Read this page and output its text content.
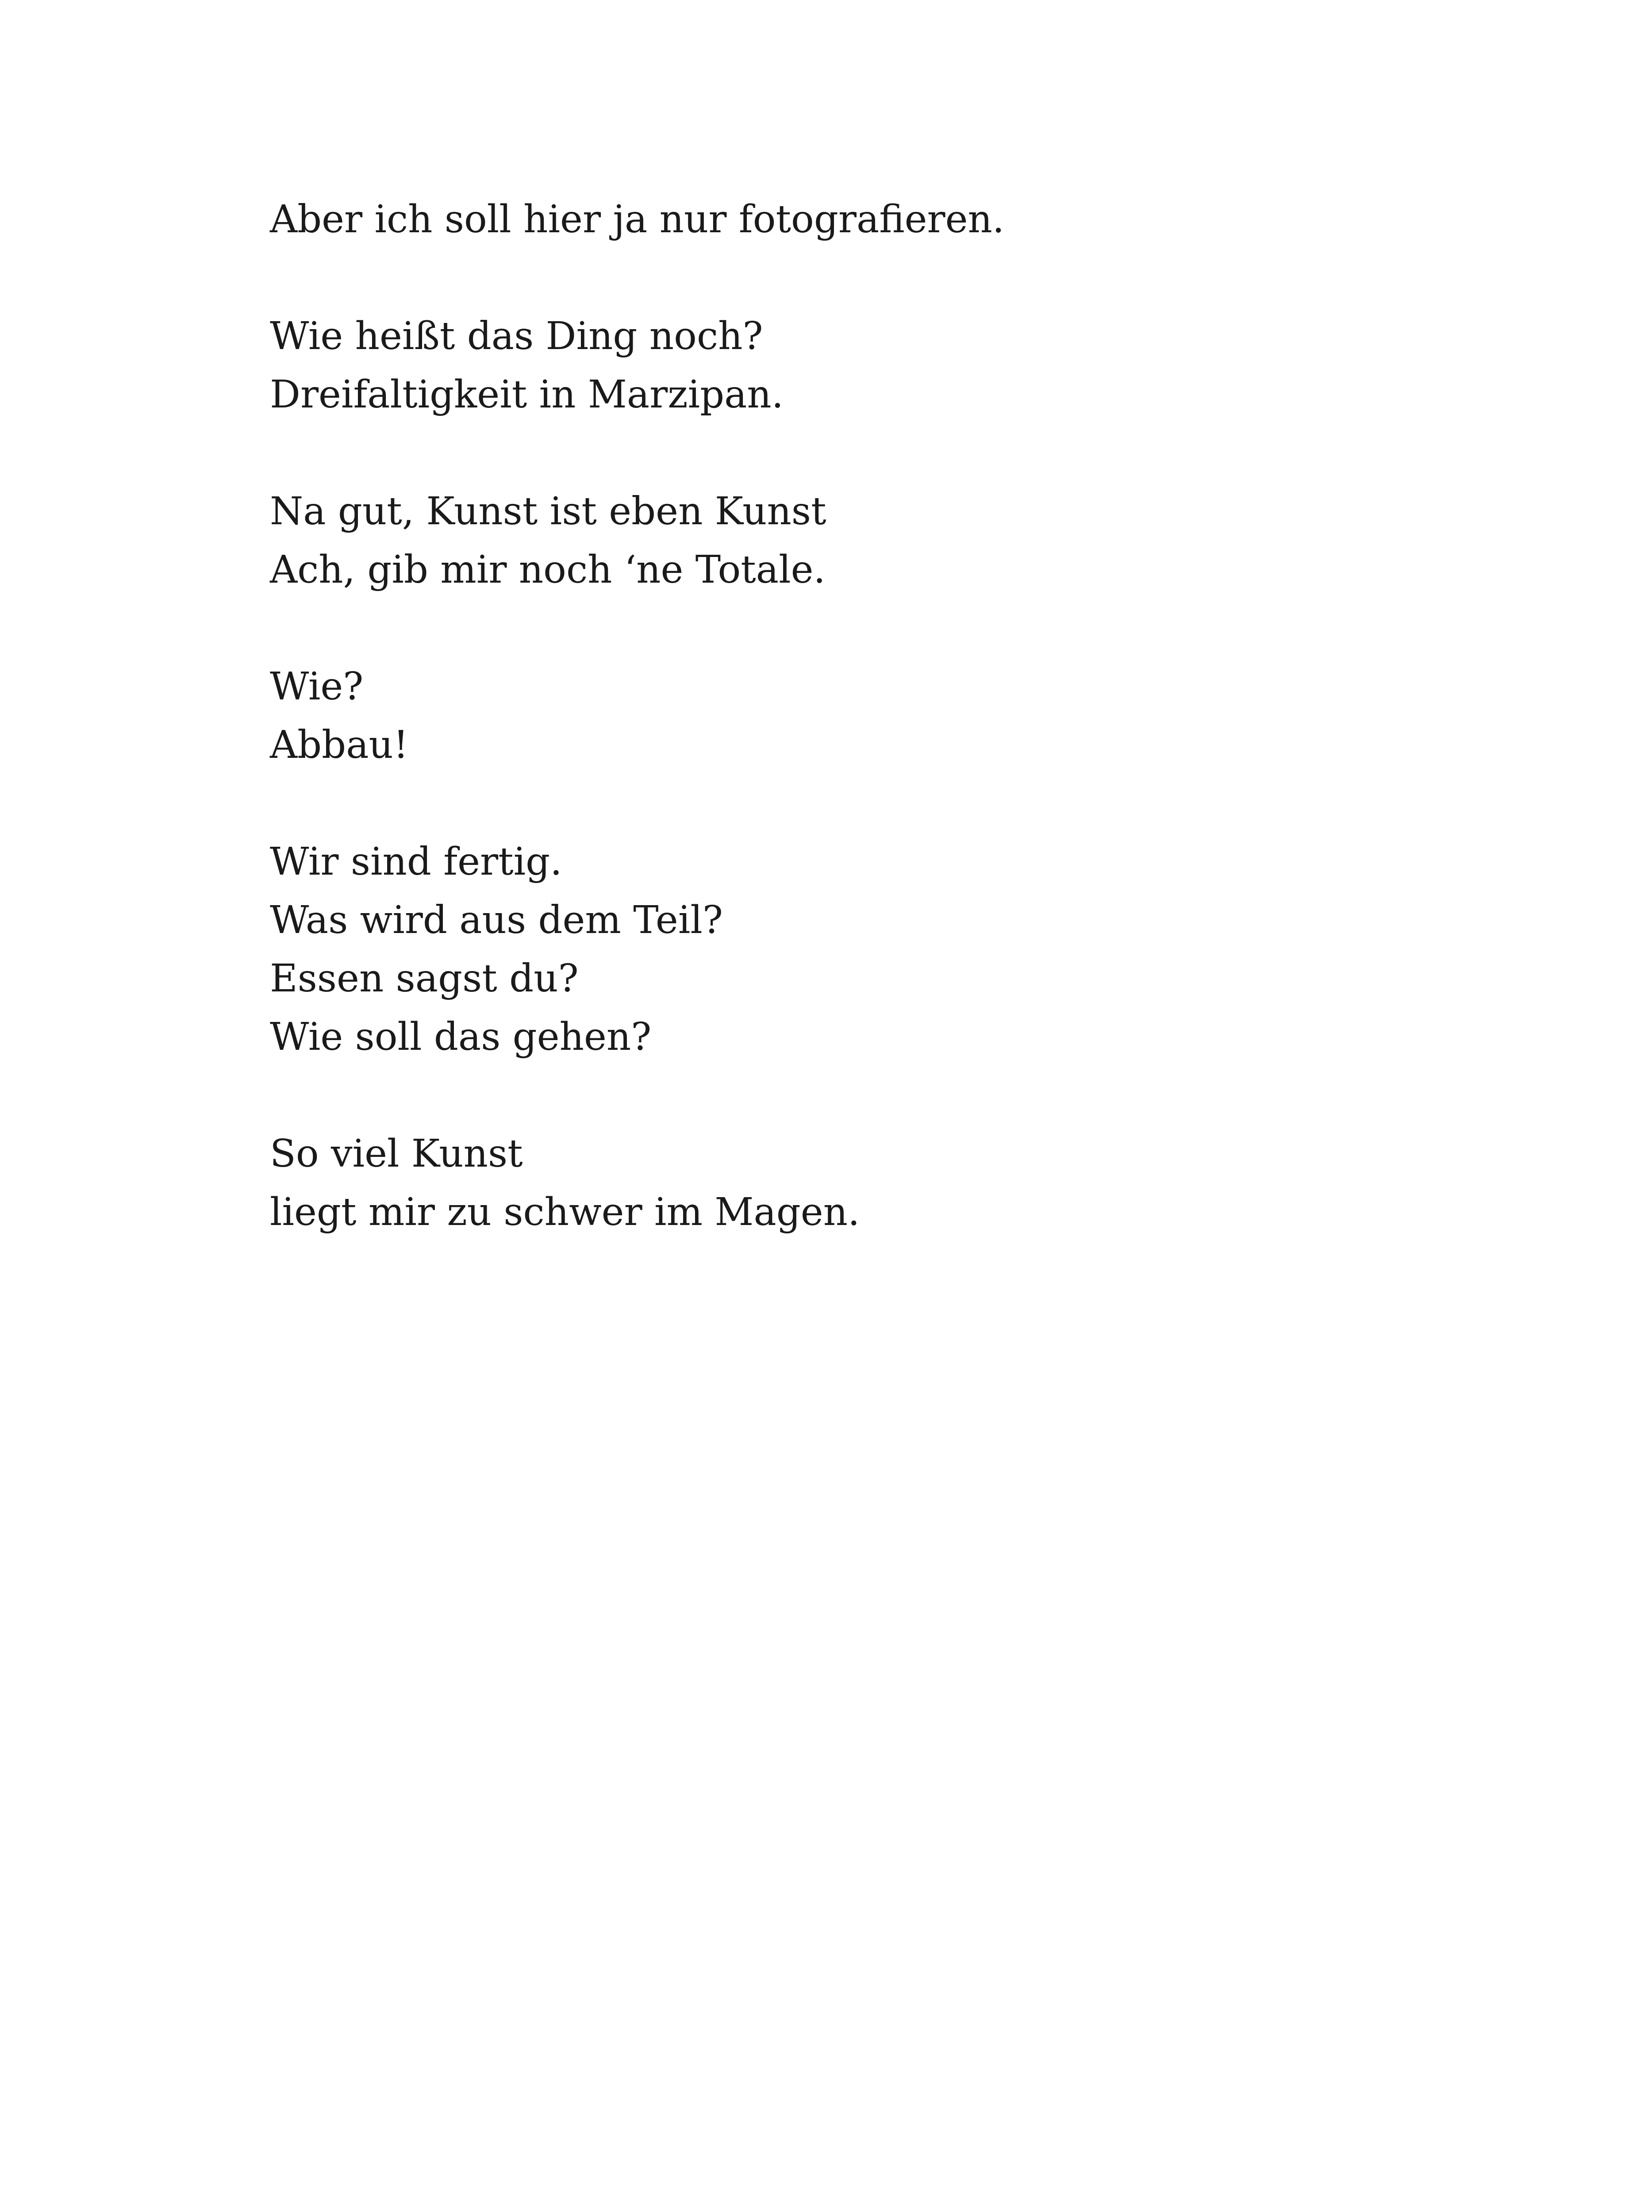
Aber ich soll hier ja nur fotografieren.
Wie heißt das Ding noch?
Dreifaltigkeit in Marzipan.
Na gut, Kunst ist eben Kunst
Ach, gib mir noch ‘ne Totale.
Wie?
Abbau!
Wir sind fertig.
Was wird aus dem Teil?
Essen sagst du?
Wie soll das gehen?
So viel Kunst
liegt mir zu schwer im Magen.
